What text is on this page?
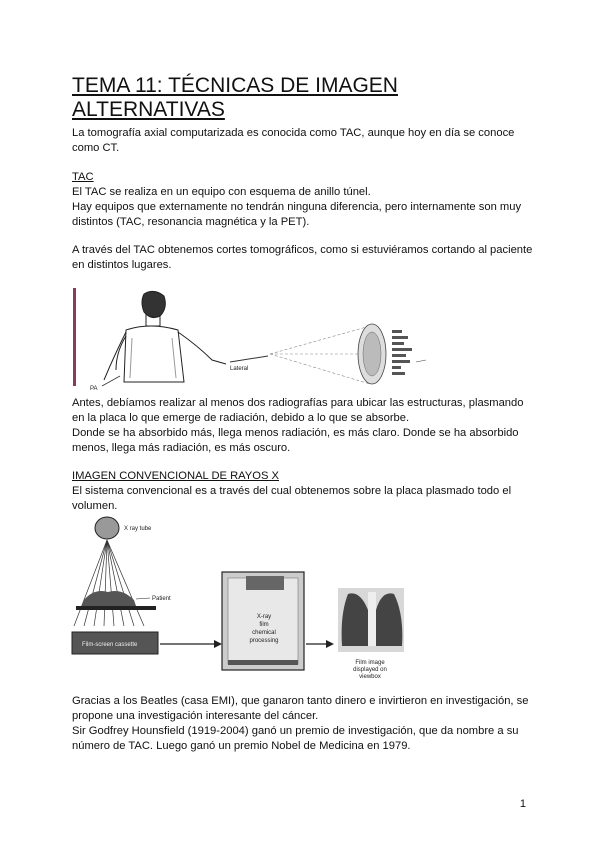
TEMA 11: TÉCNICAS DE IMAGEN ALTERNATIVAS
La tomografía axial computarizada es conocida como TAC, aunque hoy en día se conoce como CT.
TAC
El TAC se realiza en un equipo con esquema de anillo túnel.
Hay equipos que externamente no tendrán ninguna diferencia, pero internamente son muy distintos (TAC, resonancia magnética y la PET).
A través del TAC obtenemos cortes tomográficos, como si estuviéramos cortando al paciente en distintos lugares.
Lateral
PA
Antes, debíamos realizar al menos dos radiografías para ubicar las estructuras, plasmando en la placa lo que emerge de radiación, debido a lo que se absorbe.
Donde se ha absorbido más, llega menos radiación, es más claro. Donde se ha absorbido menos, llega más radiación, es más oscuro.
IMAGEN CONVENCIONAL DE RAYOS X
El sistema convencional es a través del cual obtenemos sobre la placa plasmado todo el volumen.
X ray tube
Patient
Film-screen cassette
X-ray
film
chemical
processing
Film image
displayed on
viewbox
Gracias a los Beatles (casa EMI), que ganaron tanto dinero e invirtieron en investigación, se propone una investigación interesante del cáncer.
Sir Godfrey Hounsfield (1919-2004) ganó un premio de investigación, que da nombre a su número de TAC. Luego ganó un premio Nobel de Medicina en 1979.
1
